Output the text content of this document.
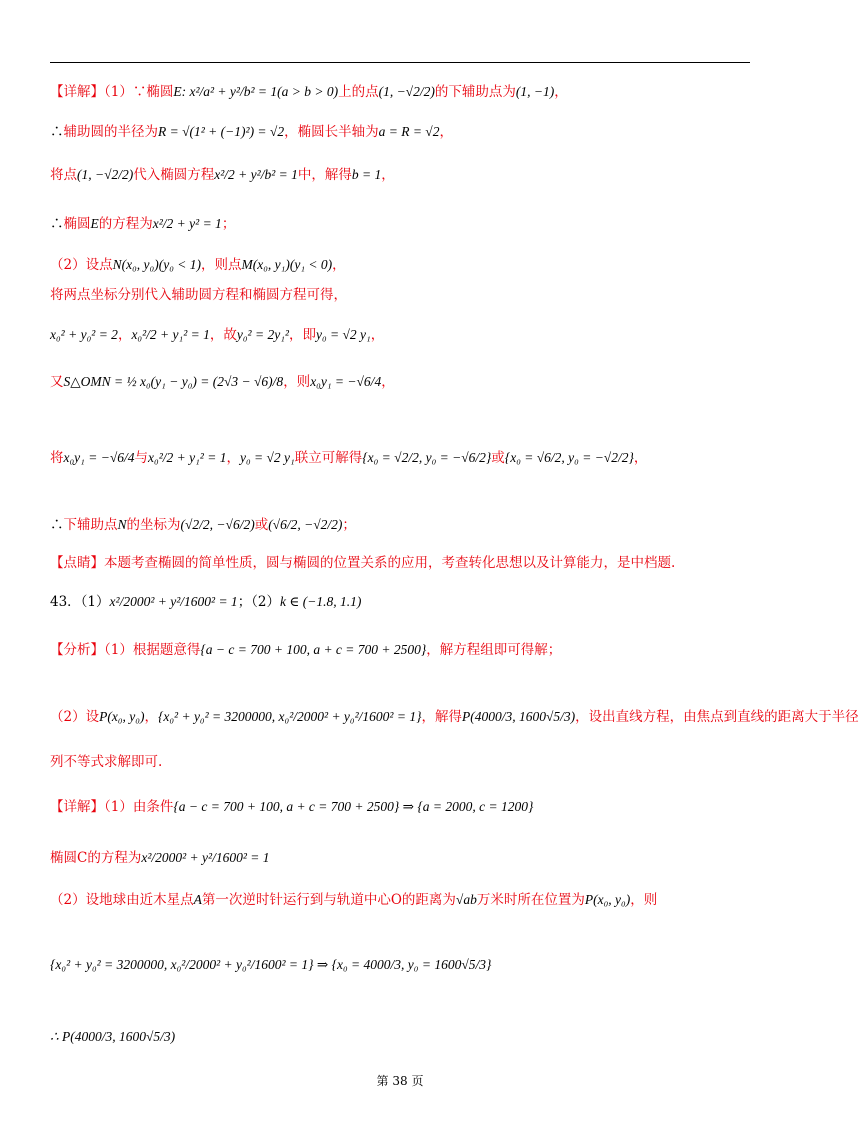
【详解】（1）∵椭圆E: x²/a² + y²/b² = 1(a > b > 0)上的点(1, −√2/2)的下辅助点为(1, −1)，
∴辅助圆的半径为R = √(1² + (−1)²) = √2，椭圆长半轴为a = R = √2，
将点(1, −√2/2)代入椭圆方程x²/2 + y²/b² = 1中，解得b = 1，
∴椭圆E的方程为x²/2 + y² = 1；
（2）设点N(x₀, y₀)(y₀ < 1)，则点M(x₀, y₁)(y₁ < 0)，
将两点坐标分别代入辅助圆方程和椭圆方程可得，
x₀² + y₀² = 2，x₀²/2 + y₁² = 1，故y₀² = 2y₁²，即y₀ = √2 y₁，
又S△OMN = ½ x₀(y₁ − y₀) = (2√3 − √6)/8，则x₀y₁ = −√6/4，
将x₀y₁ = −√6/4与x₀²/2 + y₁² = 1，y₀ = √2 y₁联立可解得{x₀ = √2/2, y₀ = −√6/2}或{x₀ = √6/2, y₀ = −√2/2}，
∴下辅助点N的坐标为(√2/2, −√6/2)或(√6/2, −√2/2)；
【点睛】本题考查椭圆的简单性质，圆与椭圆的位置关系的应用，考查转化思想以及计算能力，是中档题.
43．（1）x²/2000² + y²/1600² = 1；（2）k ∈ (−1.8, 1.1)
【分析】（1）根据题意得{a − c = 700 + 100, a + c = 700 + 2500}，解方程组即可得解；
（2）设P(x₀, y₀)，{x₀² + y₀² = 3200000, x₀²/2000² + y₀²/1600² = 1}，解得P(4000/3, 1600√5/3)，设出直线方程，由焦点到直线的距离大于半径
列不等式求解即可.
【详解】（1）由条件{a − c = 700 + 100, a + c = 700 + 2500} ⇒ {a = 2000, c = 1200}
椭圆C的方程为x²/2000² + y²/1600² = 1
（2）设地球由近木星点A第一次逆时针运行到与轨道中心O的距离为√ab万米时所在位置为P(x₀, y₀)，则
{x₀² + y₀² = 3200000, x₀²/2000² + y₀²/1600² = 1} ⇒ {x₀ = 4000/3, y₀ = 1600√5/3}
∴ P(4000/3, 1600√5/3)
第 38 页
